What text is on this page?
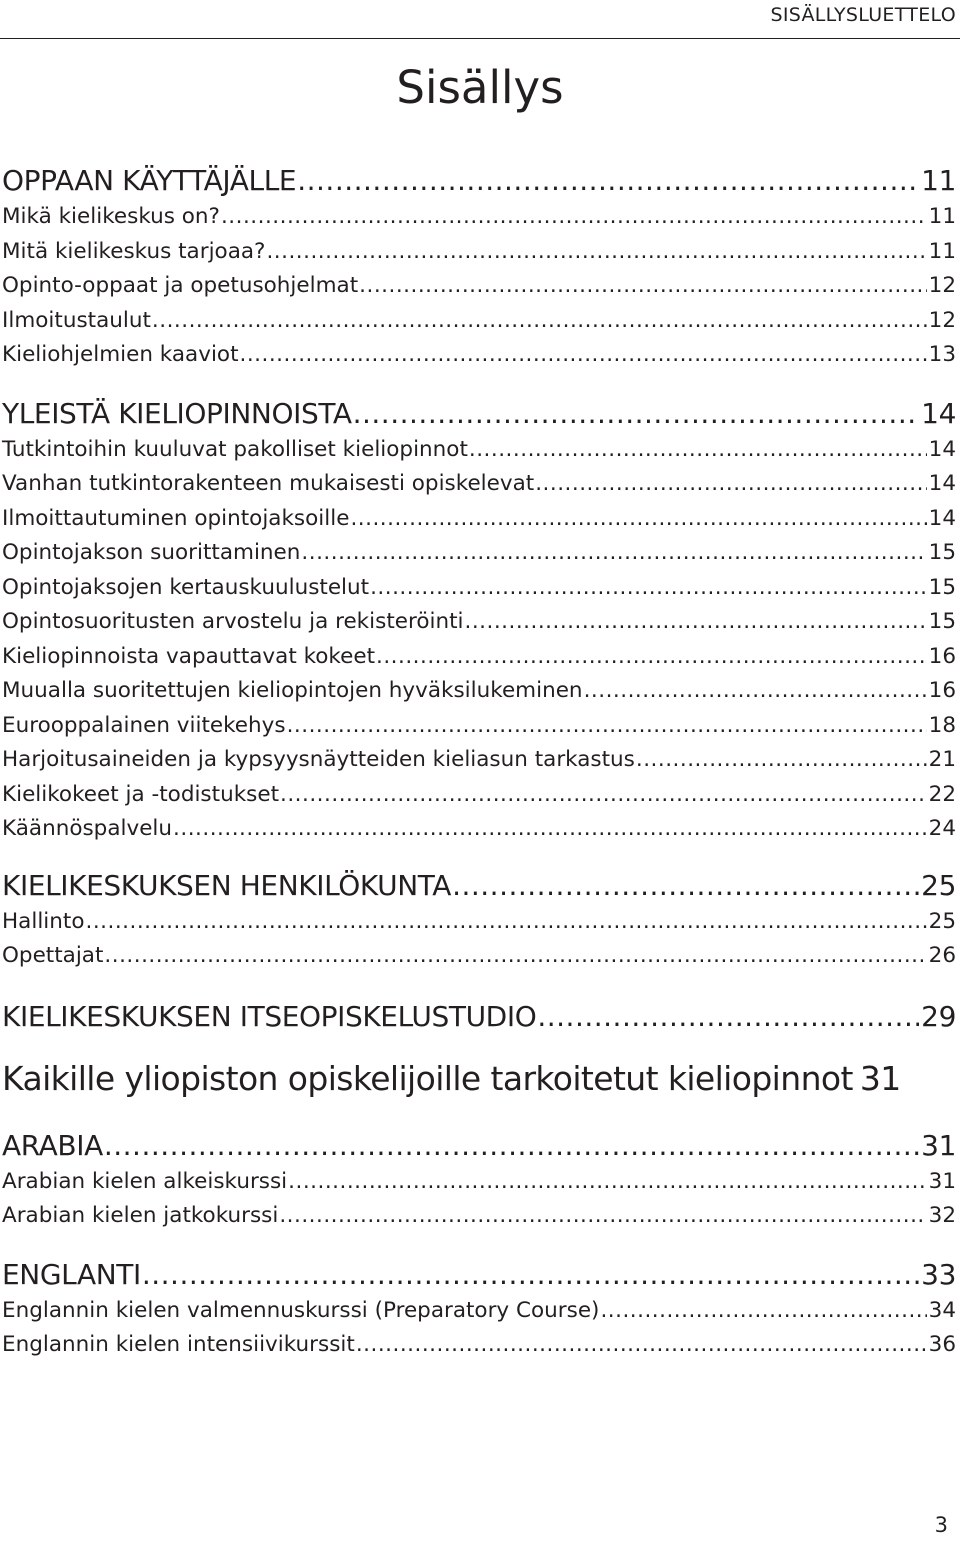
SISÄLLYSLUETTELO
Sisällys
OPPAAN KÄYTTÄJÄLLE .....	11
Mikä kielikeskus on? .....	11
Mitä kielikeskus tarjoaa? .....	11
Opinto-oppaat ja opetusohjelmat .....	12
Ilmoitustaulut .....	12
Kieliohjelmien kaaviot .....	13
YLEISTÄ KIELIOPINNOISTA .....	14
Tutkintoihin kuuluvat pakolliset kieliopinnot .....	14
Vanhan tutkintorakenteen mukaisesti opiskelevat .....	14
Ilmoittautuminen opintojaksoille .....	14
Opintojakson suorittaminen .....	15
Opintojaksojen kertauskuulustelut .....	15
Opintosuoritusten arvostelu ja rekisteröinti .....	15
Kieliopinnoista vapauttavat kokeet .....	16
Muualla suoritettujen kieliopintojen hyväksilukeminen .....	16
Eurooppalainen viitekehys .....	18
Harjoitusaineiden ja kypsyysnäytteiden kieliasun tarkastus .....	21
Kielikokeet ja -todistukset .....	22
Käännöspalvelu .....	24
KIELIKESKUKSEN HENKILÖKUNTA .....	25
Hallinto .....	25
Opettajat .....	26
KIELIKESKUKSEN ITSEOPISKELUSTUDIO .....	29
Kaikille yliopiston opiskelijoille tarkoitetut kieliopinnot 31
ARABIA .....	31
Arabian kielen alkeiskurssi .....	31
Arabian kielen jatkokurssi .....	32
ENGLANTI .....	33
Englannin kielen valmennuskurssi (Preparatory Course) .....	34
Englannin kielen intensiivikurssit .....	36
3
